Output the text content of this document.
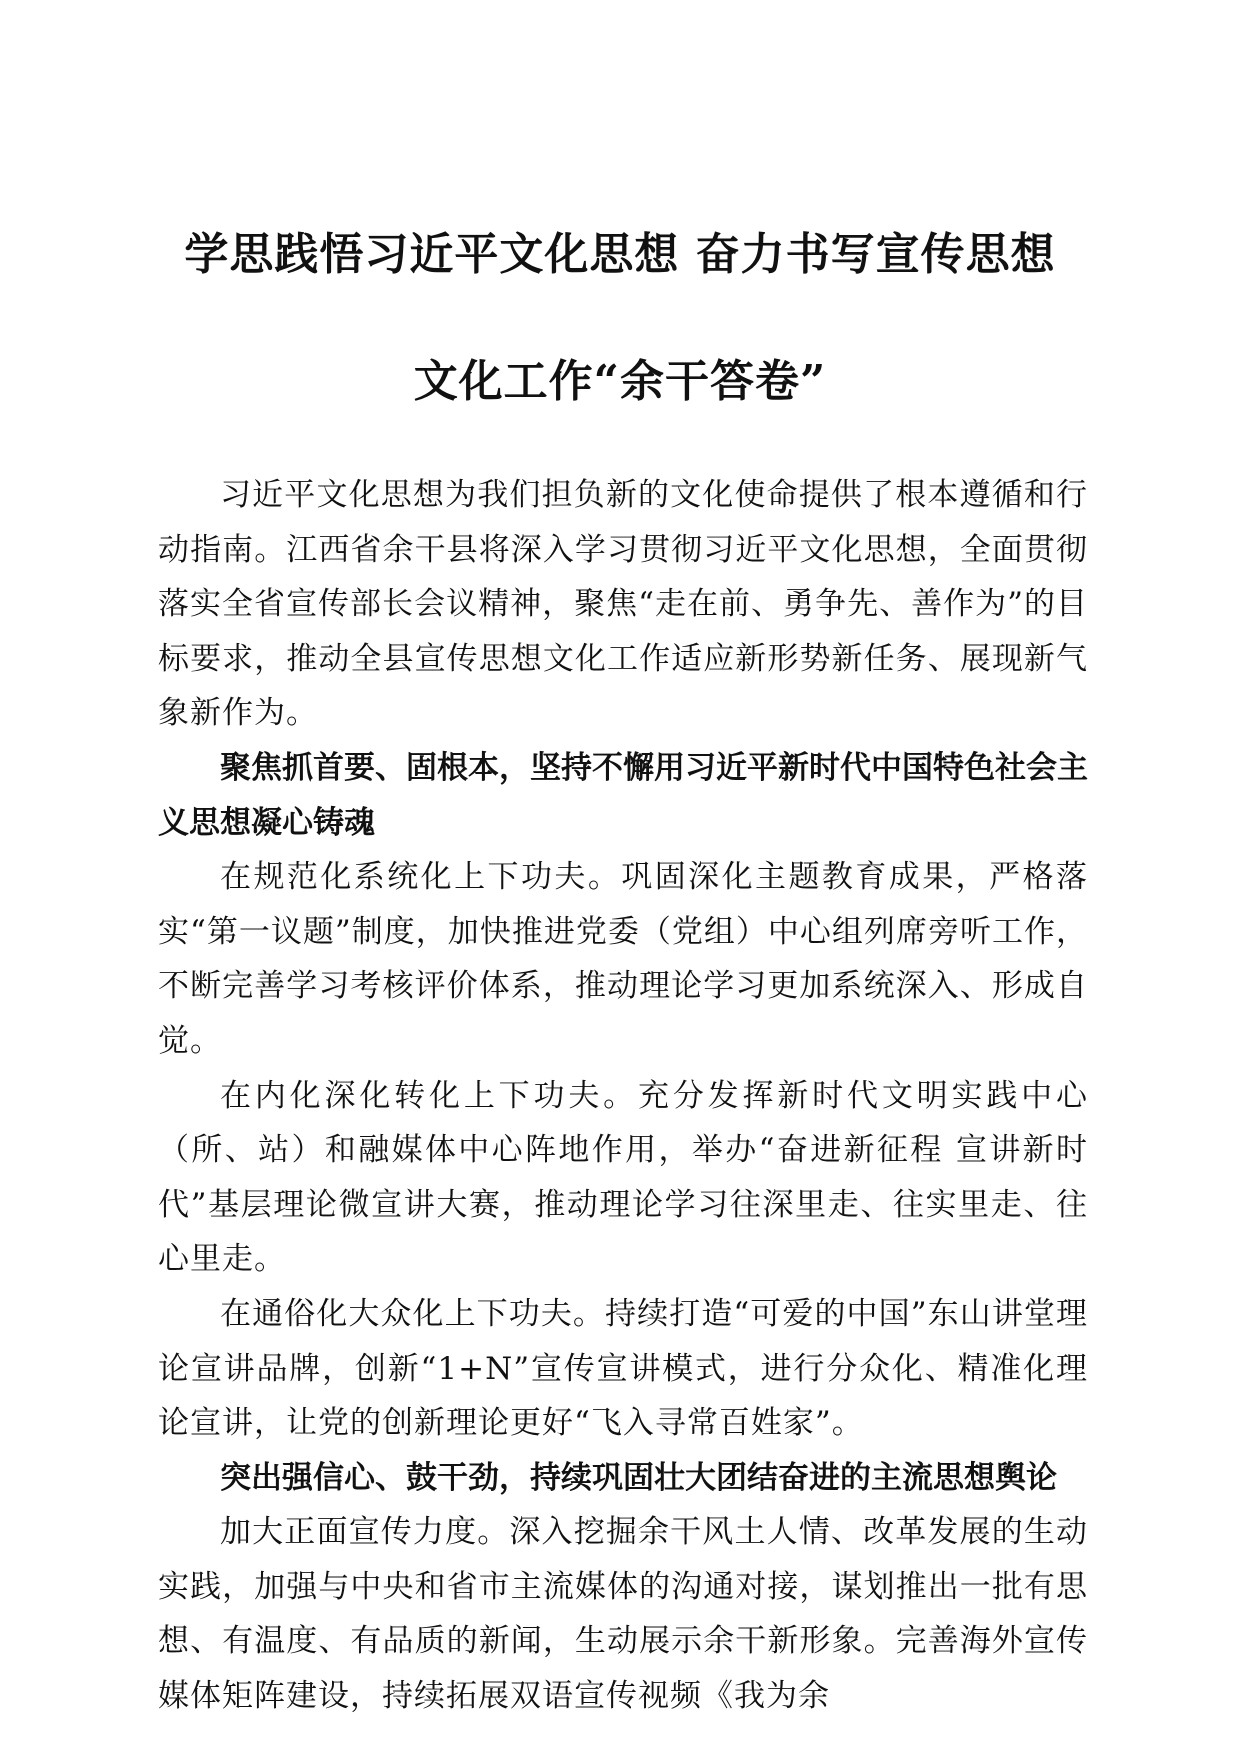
学思践悟习近平文化思想 奋力书写宣传思想
文化工作“余干答卷”

习近平文化思想为我们担负新的文化使命提供了根本遵循和行动指南。江西省余干县将深入学习贯彻习近平文化思想，全面贯彻落实全省宣传部长会议精神，聚焦“走在前、勇争先、善作为”的目标要求，推动全县宣传思想文化工作适应新形势新任务、展现新气象新作为。

聚焦抓首要、固根本，坚持不懈用习近平新时代中国特色社会主义思想凝心铸魂

在规范化系统化上下功夫。巩固深化主题教育成果，严格落实“第一议题”制度，加快推进党委（党组）中心组列席旁听工作，不断完善学习考核评价体系，推动理论学习更加系统深入、形成自觉。

在内化深化转化上下功夫。充分发挥新时代文明实践中心（所、站）和融媒体中心阵地作用，举办“奋进新征程 宣讲新时代”基层理论微宣讲大赛，推动理论学习往深里走、往实里走、往心里走。

在通俗化大众化上下功夫。持续打造“可爱的中国”东山讲堂理论宣讲品牌，创新“1+N”宣传宣讲模式，进行分众化、精准化理论宣讲，让党的创新理论更好“飞入寻常百姓家”。

突出强信心、鼓干劲，持续巩固壮大团结奋进的主流思想舆论

加大正面宣传力度。深入挖掘余干风土人情、改革发展的生动实践，加强与中央和省市主流媒体的沟通对接，谋划推出一批有思想、有温度、有品质的新闻，生动展示余干新形象。完善海外宣传媒体矩阵建设，持续拓展双语宣传视频《我为余
